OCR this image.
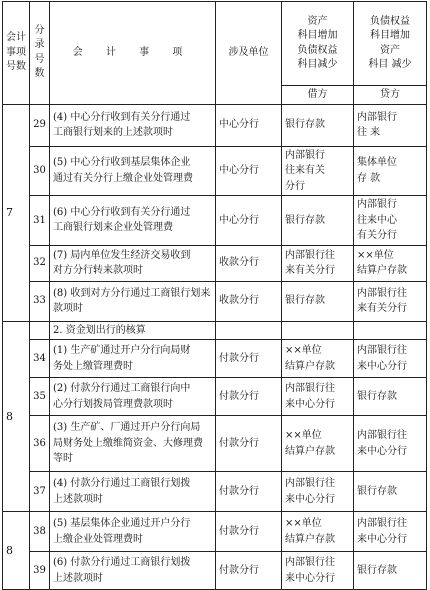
会计
事项
号数	分
录
号
数	会 计 事 项	涉及单位	资产
科目增加
负债权益
科目减少	负债权益
科目增加
资产
科目 减少
				借方	贷方
7	29	(4) 中心分行收到有关分行通过
工商银行划来的上述款项时	中心分行	银行存款	内部银行
往 来
	30	(5) 中心分行收到基层集体企业
通过有关分行上缴企业处管理费	中心分行	内部银行
往来有关
分行	集体单位
存 款
	31	(6) 中心分行收到有关分行通过
工商银行划来企业处管理费	中心分行	银行存款	内部银行
往来中心
有关分行
	32	(7) 局内单位发生经济交易收到
对方分行转来款项时	收款分行	内部银行往
来有关分行	××单位
结算户存款
	33	(8) 收到对方分行通过工商银行划来
款项时	收款分行	银行存款	内部银行往
来有关分行
8		2. 资金划出行的核算			
	34	(1) 生产矿通过开户分行向局财
务处上缴管理费时	付款分行	××单位
结算户存款	内部银行往
来中心分行
	35	(2) 付款分行通过工商银行向中
心分行划拨局管理费款项时	付款分行	内部银行往
来中心分行	银行存款
	36	(3) 生产矿、厂通过开户分行向局
局财务处上缴维简资金、大修理费
等时	付款分行	××单位
结算户存款	内部银行往
来中心分行
	37	(4) 付款分行通过工商银行划拨
上述款项时	付款分行	内部银行往
来中心分行	银行存款
8	38	(5) 基层集体企业通过开户分行
上缴企业处管理费时	付款分行	××单位
结算户存款	内部银行往
来中心分行
	39	(6) 付款分行通过工商银行划拨
上述款项时	付款分行	内部银行往
来中心分行	银行存款
